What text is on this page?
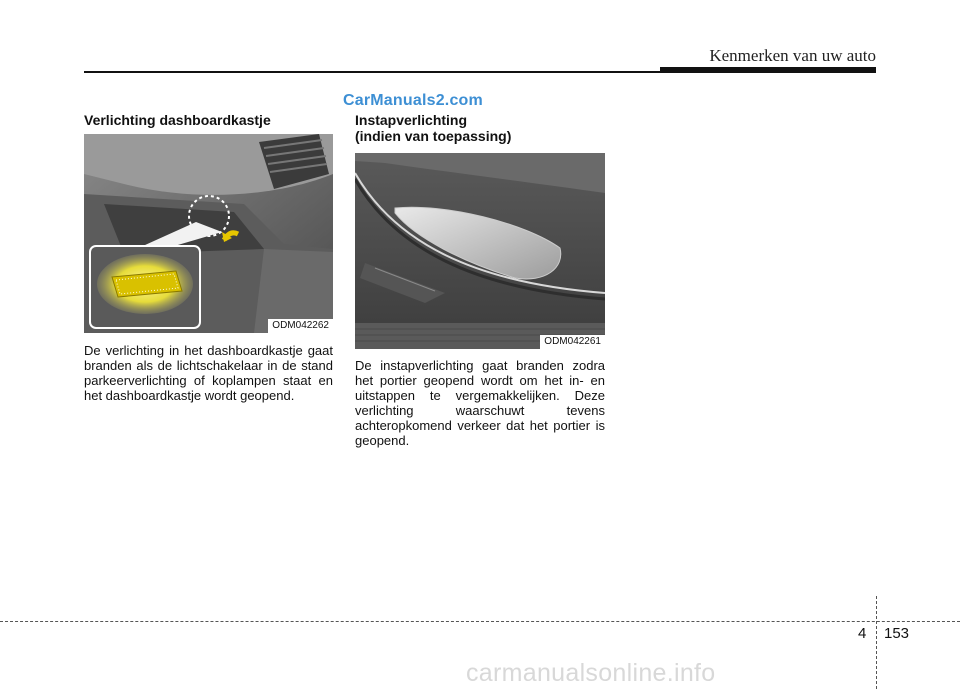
Kenmerken van uw auto
CarManuals2.com
Verlichting dashboardkastje
ODM042262
De verlichting in het dashboardkastje gaat branden als de lichtschakelaar in de stand parkeerverlichting of koplampen staat en het dashboardkastje wordt geopend.
Instapverlichting
(indien van toepassing)
ODM042261
De instapverlichting gaat branden zodra het portier geopend wordt om het in- en uitstappen te vergemakkelijken. Deze verlichting waarschuwt tevens achteropkomend verkeer dat het portier is geopend.
4 153
carmanualsonline.info
